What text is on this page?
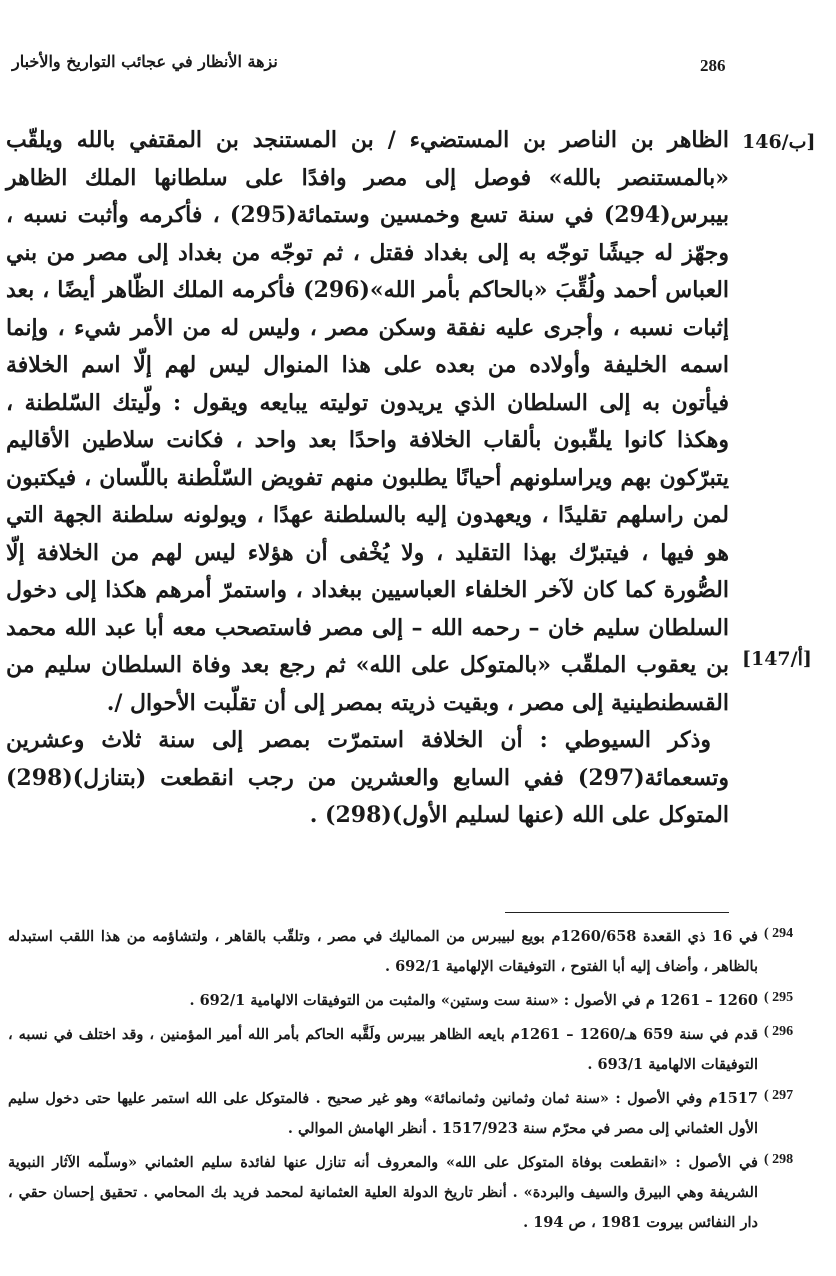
نزهة الأنظار في عجائب التواريخ والأخبار	286
146/ب]
[147/أ]

الظاهر بن الناصر بن المستضيء / بن المستنجد بن المقتفي بالله ويلقّب «بالمستنصر بالله» فوصل إلى مصر وافدًا على سلطانها الملك الظاهر بيبرس(294) في سنة تسع وخمسين وستمائة(295) ، فأكرمه وأثبت نسبه ، وجهّز له جيشًا توجّه به إلى بغداد فقتل ، ثم توجّه من بغداد إلى مصر من بني العباس أحمد ولُقِّبَ «بالحاكم بأمر الله»(296) فأكرمه الملك الظّاهر أيضًا ، بعد إثبات نسبه ، وأجرى عليه نفقة وسكن مصر ، وليس له من الأمر شيء ، وإنما اسمه الخليفة وأولاده من بعده على هذا المنوال ليس لهم إلّا اسم الخلافة فيأتون به إلى السلطان الذي يريدون توليته يبايعه ويقول : ولّيتك السّلطنة ، وهكذا كانوا يلقّبون بألقاب الخلافة واحدًا بعد واحد ، فكانت سلاطين الأقاليم يتبرّكون بهم ويراسلونهم أحيانًا يطلبون منهم تفويض السّلْطنة باللّسان ، فيكتبون لمن راسلهم تقليدًا ، ويعهدون إليه بالسلطنة عهدًا ، ويولونه سلطنة الجهة التي هو فيها ، فيتبرّك بهذا التقليد ، ولا يُخْفى أن هؤلاء ليس لهم من الخلافة إلّا الصُّورة كما كان لآخر الخلفاء العباسيين ببغداد ، واستمرّ أمرهم هكذا إلى دخول السلطان سليم خان – رحمه الله – إلى مصر فاستصحب معه أبا عبد الله محمد بن يعقوب الملقّب «بالمتوكل على الله» ثم رجع بعد وفاة السلطان سليم من القسطنطينية إلى مصر ، وبقيت ذريته بمصر إلى أن تقلّبت الأحوال /.

وذكر السيوطي : أن الخلافة استمرّت بمصر إلى سنة ثلاث وعشرين وتسعمائة(297) ففي السابع والعشرين من رجب انقطعت (بتنازل)(298) المتوكل على الله (عنها لسليم الأول)(298) .

( 294
في 16 ذي القعدة 1260/658م بويع لبيبرس من المماليك في مصر ، وتلقّب بالقاهر ، ولتشاؤمه من هذا اللقب استبدله بالظاهر ، وأضاف إليه أبا الفتوح ، التوفيقات الإلهامية 692/1 .
( 295
1260 – 1261 م في الأصول : «سنة ست وستين» والمثبت من التوفيقات الالهامية 692/1 .
( 296
قدم في سنة 659 هـ/1260 – 1261م بايعه الظاهر بيبرس ولَقَّبه الحاكم بأمر الله أمير المؤمنين ، وقد اختلف في نسبه ، التوفيقات الالهامية 693/1 .
( 297
1517م وفي الأصول : «سنة ثمان وثمانين وثمانمائة» وهو غير صحيح . فالمتوكل على الله استمر عليها حتى دخول سليم الأول العثماني إلى مصر في محرّم سنة 1517/923 . أنظر الهامش الموالي .
( 298
في الأصول : «انقطعت بوفاة المتوكل على الله» والمعروف أنه تنازل عنها لفائدة سليم العثماني «وسلّمه الآثار النبوية الشريفة وهي البيرق والسيف والبردة» . أنظر تاريخ الدولة العلية العثمانية لمحمد فريد بك المحامي . تحقيق إحسان حقي ، دار النفائس بيروت 1981 ، ص 194 .
